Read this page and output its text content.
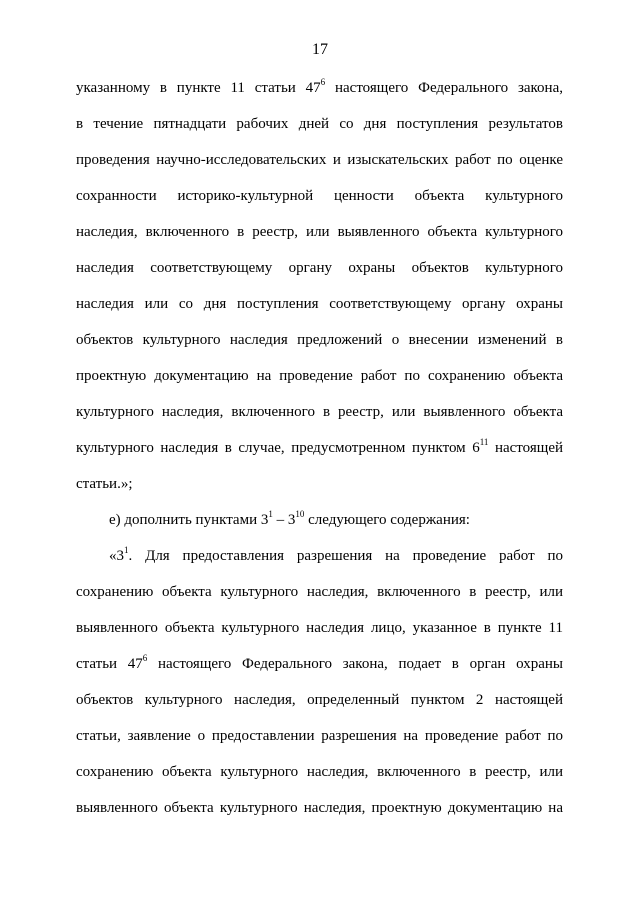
17
указанному в пункте 11 статьи $47^6$ настоящего Федерального закона,
в течение пятнадцати рабочих дней со дня поступления результатов
проведения научно-исследовательских и изыскательских работ по оценке
сохранности историко-культурной ценности объекта культурного
наследия, включенного в реестр, или выявленного объекта культурного
наследия соответствующему органу охраны объектов культурного
наследия или со дня поступления соответствующему органу охраны
объектов культурного наследия предложений о внесении изменений в
проектную документацию на проведение работ по сохранению объекта
культурного наследия, включенного в реестр, или выявленного объекта
культурного наследия в случае, предусмотренном пунктом $6^{11}$ настоящей
статьи.»;
е) дополнить пунктами $3^1 - 3^{10}$ следующего содержания:
«$3^1$. Для предоставления разрешения на проведение работ по
сохранению объекта культурного наследия, включенного в реестр, или
выявленного объекта культурного наследия лицо, указанное в пункте 11
статьи $47^6$ настоящего Федерального закона, подает в орган охраны
объектов культурного наследия, определенный пунктом 2 настоящей
статьи, заявление о предоставлении разрешения на проведение работ по
сохранению объекта культурного наследия, включенного в реестр, или
выявленного объекта культурного наследия, проектную документацию на
